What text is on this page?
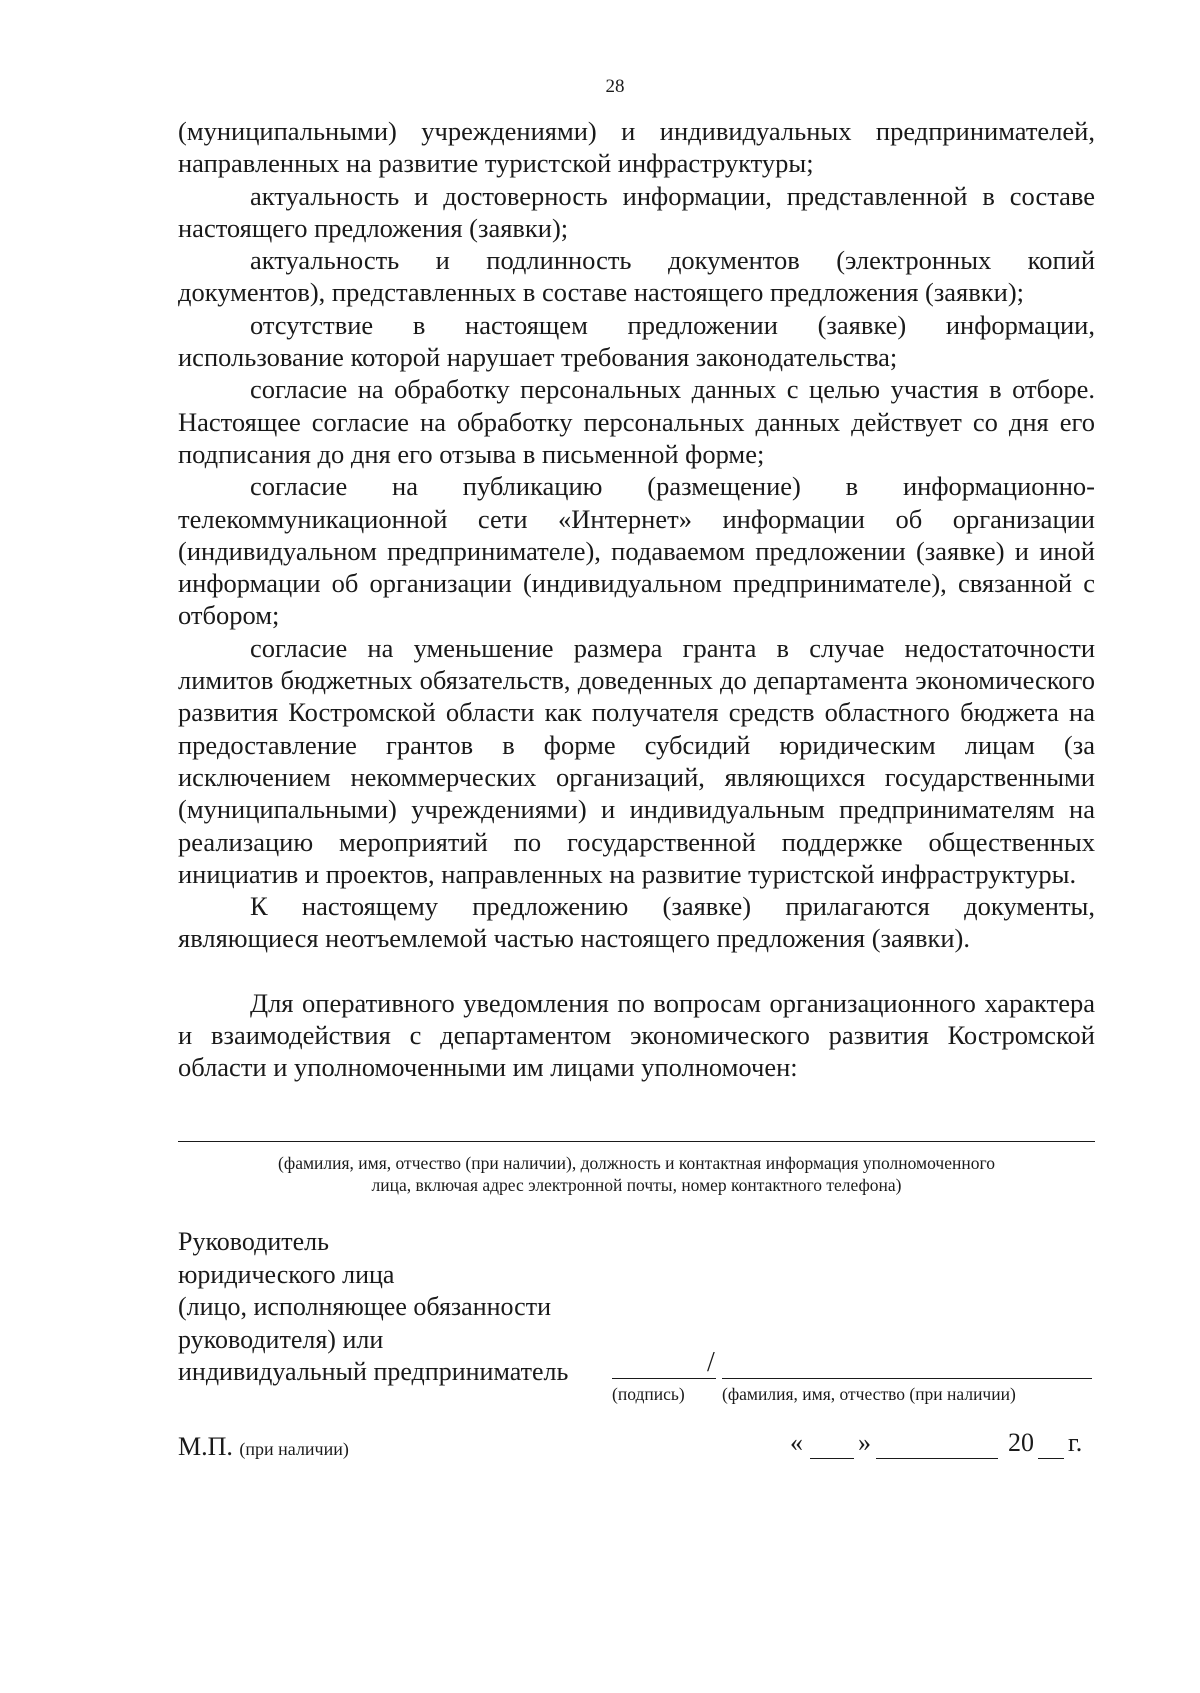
28

(муниципальными) учреждениями) и индивидуальных предпринимателей, направленных на развитие туристской инфраструктуры;

актуальность и достоверность информации, представленной в составе настоящего предложения (заявки);

актуальность и подлинность документов (электронных копий документов), представленных в составе настоящего предложения (заявки);

отсутствие в настоящем предложении (заявке) информации, использование которой нарушает требования законодательства;

согласие на обработку персональных данных с целью участия в отборе. Настоящее согласие на обработку персональных данных действует со дня его подписания до дня его отзыва в письменной форме;

согласие на публикацию (размещение) в информационно-телекоммуникационной сети «Интернет» информации об организации (индивидуальном предпринимателе), подаваемом предложении (заявке) и иной информации об организации (индивидуальном предпринимателе), связанной с отбором;

согласие на уменьшение размера гранта в случае недостаточности лимитов бюджетных обязательств, доведенных до департамента экономического развития Костромской области как получателя средств областного бюджета на предоставление грантов в форме субсидий юридическим лицам (за исключением некоммерческих организаций, являющихся государственными (муниципальными) учреждениями) и индивидуальным предпринимателям на реализацию мероприятий по государственной поддержке общественных инициатив и проектов, направленных на развитие туристской инфраструктуры.

К настоящему предложению (заявке) прилагаются документы, являющиеся неотъемлемой частью настоящего предложения (заявки).

Для оперативного уведомления по вопросам организационного характера и взаимодействия с департаментом экономического развития Костромской области и уполномоченными им лицами уполномочен:

(фамилия, имя, отчество (при наличии), должность и контактная информация уполномоченного
лица, включая адрес электронной почты, номер контактного телефона)
Руководитель
юридического лица
(лицо, исполняющее обязанности
руководителя) или
индивидуальный предприниматель	/
(подпись) (фамилия, имя, отчество (при наличии)
М.П. (при наличии)	« »	20 г.
